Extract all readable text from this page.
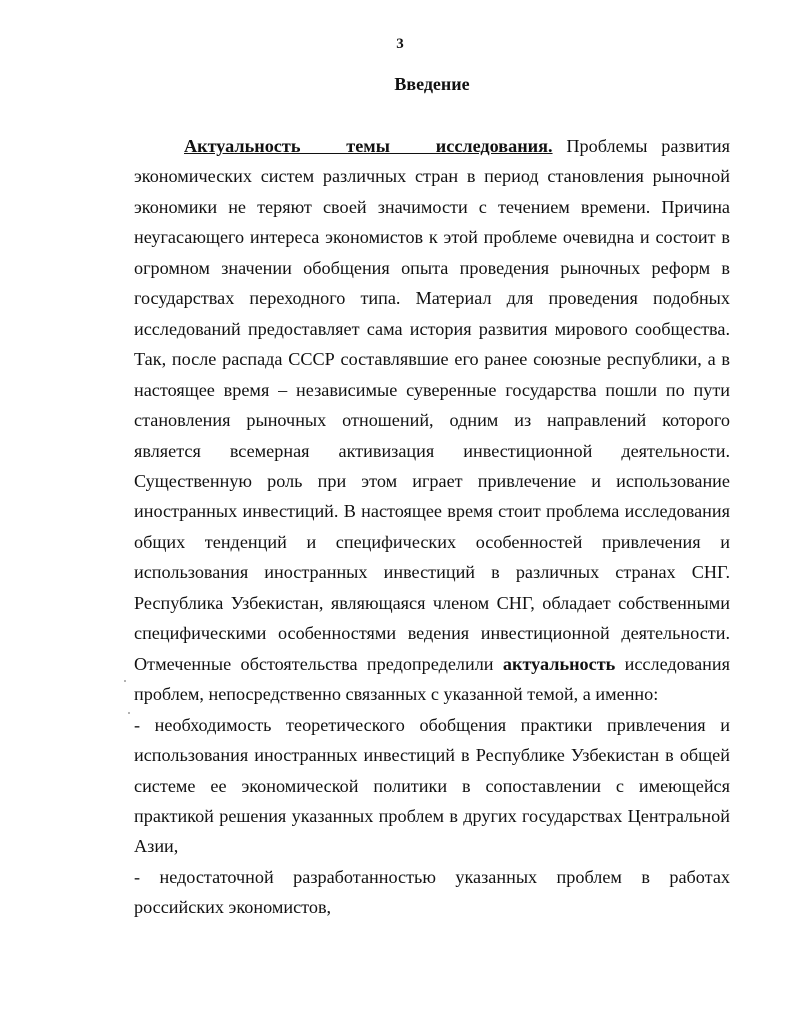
3
Введение

Актуальность темы исследования. Проблемы развития экономических систем различных стран в период становления рыночной экономики не теряют своей значимости с течением времени. Причина неугасающего интереса экономистов к этой проблеме очевидна и состоит в огромном значении обобщения опыта проведения рыночных реформ в государствах переходного типа. Материал для проведения подобных исследований предоставляет сама история развития мирового сообщества. Так, после распада СССР составлявшие его ранее союзные республики, а в настоящее время – независимые суверенные государства пошли по пути становления рыночных отношений, одним из направлений которого является всемерная активизация инвестиционной деятельности. Существенную роль при этом играет привлечение и использование иностранных инвестиций. В настоящее время стоит проблема исследования общих тенденций и специфических особенностей привлечения и использования иностранных инвестиций в различных странах СНГ. Республика Узбекистан, являющаяся членом СНГ, обладает собственными специфическими особенностями ведения инвестиционной деятельности. Отмеченные обстоятельства предопределили актуальность исследования проблем, непосредственно связанных с указанной темой, а именно:

- необходимость теоретического обобщения практики привлечения и использования иностранных инвестиций в Республике Узбекистан в общей системе ее экономической политики в сопоставлении с имеющейся практикой решения указанных проблем в других государствах Центральной Азии,

- недостаточной разработанностью указанных проблем в работах российских экономистов,
